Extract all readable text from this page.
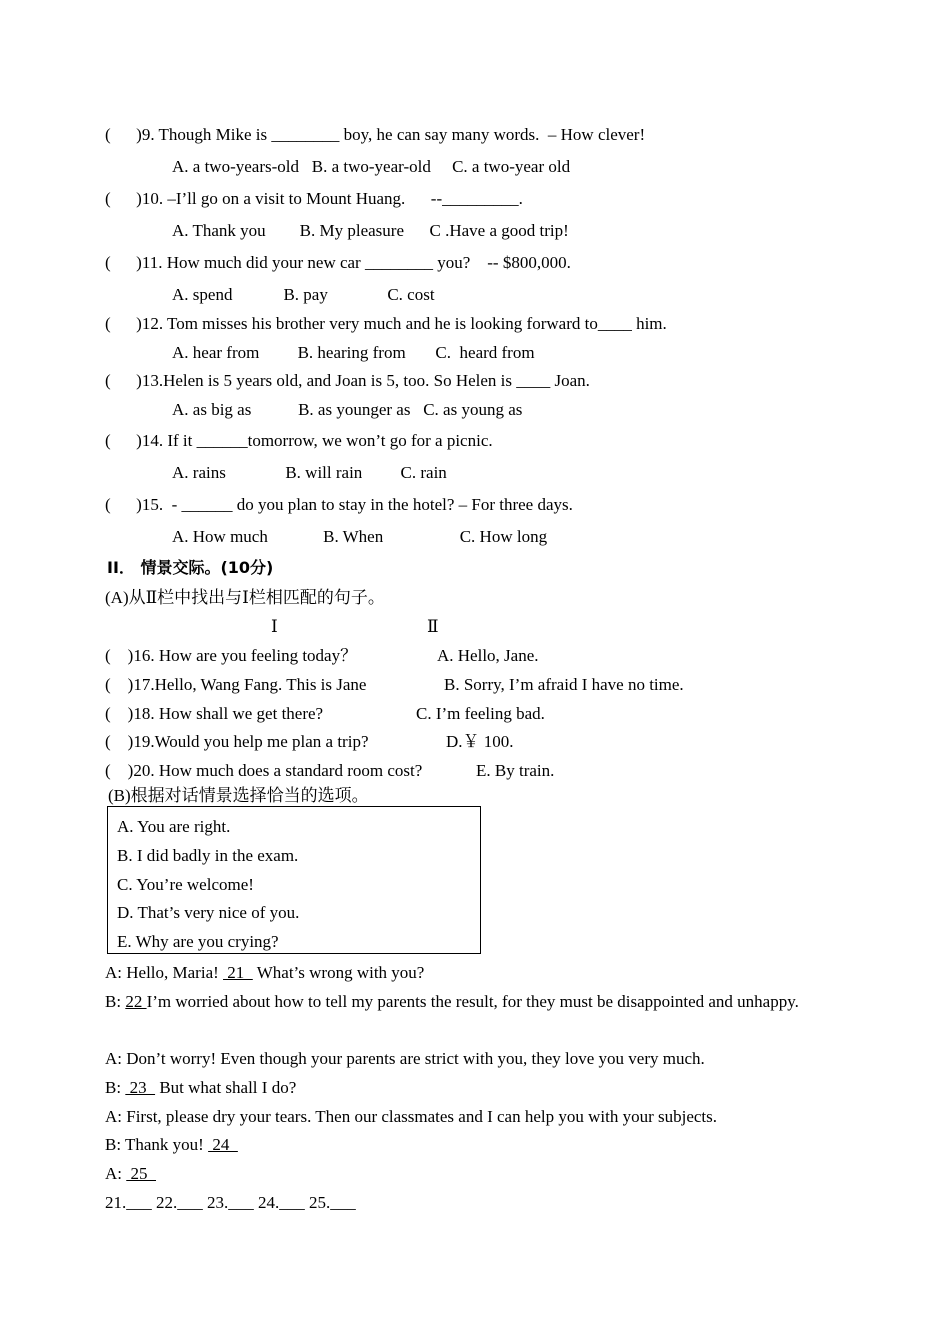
(      )9. Though Mike is ________ boy, he can say many words.  – How clever!
A. a two-years-old   B. a two-year-old     C. a two-year old
(      )10. –I’ll go on a visit to Mount Huang.      --_________.
A. Thank you        B. My pleasure      C .Have a good trip!
(      )11. How much did your new car ________ you?    -- $800,000.
A. spend            B. pay              C. cost
(      )12. Tom misses his brother very much and he is looking forward to____ him.
A. hear from         B. hearing from       C.  heard from
(      )13.Helen is 5 years old, and Joan is 5, too. So Helen is ____ Joan.
A. as big as           B. as younger as   C. as young as
(      )14. If it ______tomorrow, we won’t go for a picnic.
A. rains              B. will rain         C. rain
(      )15.  - ______ do you plan to stay in the hotel? – For three days.
A. How much             B. When                  C. How long
II． 情景交际。(10分)
(A)从Ⅱ栏中找出与Ⅰ栏相匹配的句子。
Ⅰ	Ⅱ
(    )16. How are you feeling today？	A. Hello, Jane.
(    )17.Hello, Wang Fang. This is Jane	B. Sorry, I’m afraid I have no time.
(    )18. How shall we get there?	C. I’m feeling bad.
(    )19.Would you help me plan a trip?	D.￥ 100.
(    )20. How much does a standard room cost?	E. By train.
(B)根据对话情景选择恰当的选项。
A. You are right.
B. I did badly in the exam.
C. You’re welcome!
D. That’s very nice of you.
E. Why are you crying?
A: Hello, Maria!  21   What’s wrong with you?
B: 22 I’m worried about how to tell my parents the result, for they must be disappointed and unhappy.
A: Don’t worry! Even though your parents are strict with you, they love you very much.
B:  23   But what shall I do?
A: First, please dry your tears. Then our classmates and I can help you with your subjects.
B: Thank you!  24
A:  25
21.___ 22.___ 23.___ 24.___ 25.___
